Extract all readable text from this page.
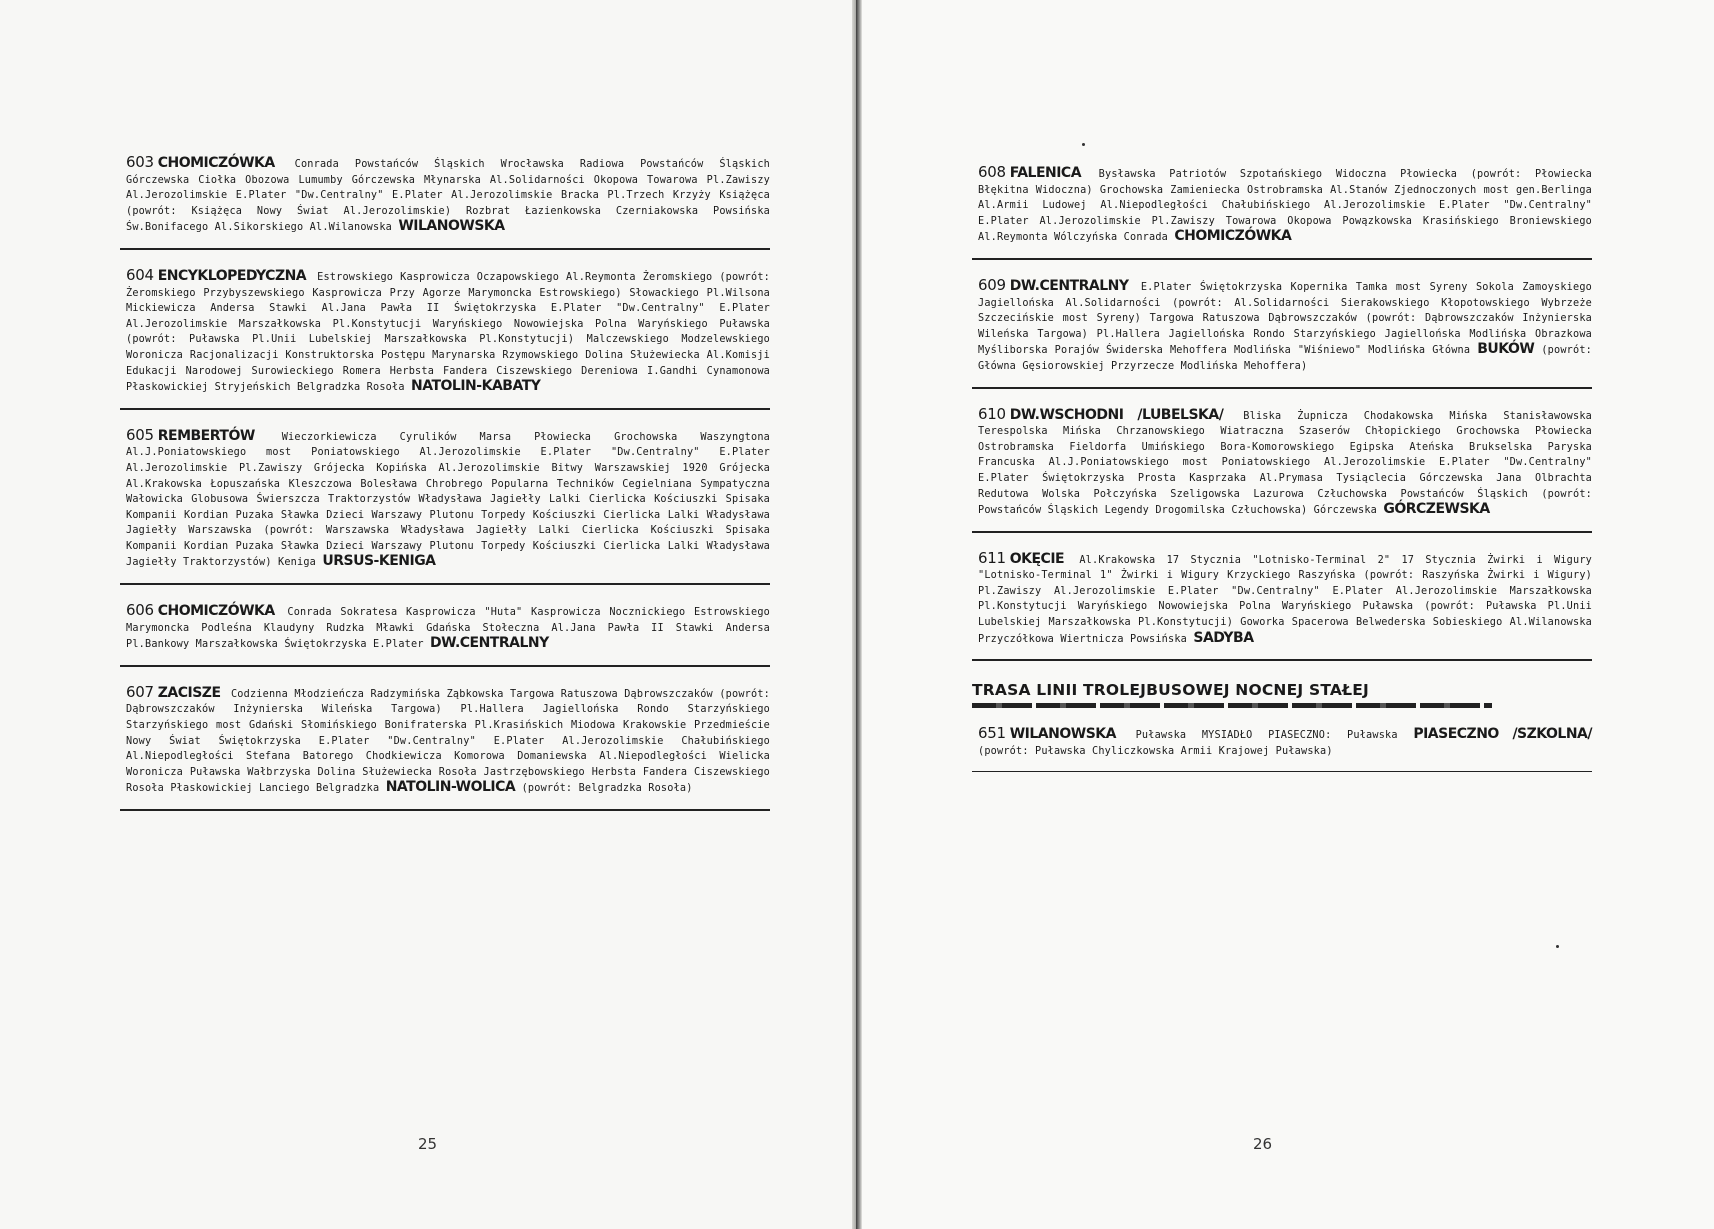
603 CHOMICZÓWKA Conrada Powstańców Śląskich Wrocławska Radiowa Powstańców Śląskich Górczewska Ciołka Obozowa Lumumby Górczewska Młynarska Al.Solidarności Okopowa Towarowa Pl.Zawiszy Al.Jerozolimskie E.Plater "Dw.Centralny" E.Plater Al.Jerozolimskie Bracka Pl.Trzech Krzyży Książęca (powrót: Książęca Nowy Świat Al.Jerozolimskie) Rozbrat Łazienkowska Czerniakowska Powsińska Św.Bonifacego Al.Sikorskiego Al.Wilanowska WILANOWSKA
604 ENCYKLOPEDYCZNA Estrowskiego Kasprowicza Oczapowskiego Al.Reymonta Żeromskiego (powrót: Żeromskiego Przybyszewskiego Kasprowicza Przy Agorze Marymoncka Estrowskiego) Słowackiego Pl.Wilsona Mickiewicza Andersa Stawki Al.Jana Pawła II Świętokrzyska E.Plater "Dw.Centralny" E.Plater Al.Jerozolimskie Marszałkowska Pl.Konstytucji Waryńskiego Nowowiejska Polna Waryńskiego Puławska (powrót: Puławska Pl.Unii Lubelskiej Marszałkowska Pl.Konstytucji) Malczewskiego Modzelewskiego Woronicza Racjonalizacji Konstruktorska Postępu Marynarska Rzymowskiego Dolina Służewiecka Al.Komisji Edukacji Narodowej Surowieckiego Romera Herbsta Fandera Ciszewskiego Dereniowa I.Gandhi Cynamonowa Płaskowickiej Stryjeńskich Belgradzka Rosoła NATOLIN-KABATY
605 REMBERTÓW	Wieczorkiewicza Cyrulików Marsa Płowiecka Grochowska Waszyngtona Al.J.Poniatowskiego most Poniatowskiego Al.Jerozolimskie E.Plater "Dw.Centralny" E.Plater Al.Jerozolimskie Pl.Zawiszy Grójecka Kopińska Al.Jerozolimskie Bitwy Warszawskiej 1920 Grójecka Al.Krakowska Łopuszańska Kleszczowa Bolesława Chrobrego Popularna Techników Cegielniana Sympatyczna Wałowicka Globusowa Świerszcza Traktorzystów Władysława Jagiełły Lalki Cierlicka Kościuszki Spisaka Kompanii Kordian Puzaka Sławka Dzieci Warszawy Plutonu Torpedy Kościuszki Cierlicka Lalki Władysława Jagiełły Warszawska (powrót: Warszawska Władysława Jagiełły Lalki Cierlicka Kościuszki Spisaka Kompanii Kordian Puzaka Sławka Dzieci Warszawy Plutonu Torpedy Kościuszki Cierlicka Lalki Władysława Jagiełły Traktorzystów) Keniga URSUS-KENIGA
606 CHOMICZÓWKA Conrada Sokratesa Kasprowicza "Huta" Kasprowicza Nocznickiego Estrowskiego Marymoncka Podleśna Klaudyny Rudzka Mławki Gdańska Stołeczna Al.Jana Pawła II Stawki Andersa Pl.Bankowy Marszałkowska Świętokrzyska E.Plater DW.CENTRALNY
607 ZACISZE Codzienna Młodzieńcza Radzymińska Ząbkowska Targowa Ratuszowa Dąbrowszczaków (powrót: Dąbrowszczaków Inżynierska Wileńska Targowa) Pl.Hallera Jagiellońska Rondo Starzyńskiego Starzyńskiego most Gdański Słomińskiego Bonifraterska Pl.Krasińskich Miodowa Krakowskie Przedmieście Nowy Świat Świętokrzyska E.Plater "Dw.Centralny" E.Plater Al.Jerozolimskie Chałubińskiego Al.Niepodległości Stefana Batorego Chodkiewicza Komorowa Domaniewska Al.Niepodległości Wielicka Woronicza Puławska Wałbrzyska Dolina Służewiecka Rosoła Jastrzębowskiego Herbsta Fandera Ciszewskiego Rosoła Płaskowickiej Lanciego Belgradzka NATOLIN-WOLICA (powrót: Belgradzka Rosoła)
25
608 FALENICA Bysławska Patriotów Szpotańskiego Widoczna Płowiecka (powrót: Płowiecka Błękitna Widoczna) Grochowska Zamieniecka Ostrobramska Al.Stanów Zjednoczonych most gen.Berlinga Al.Armii Ludowej Al.Niepodległości Chałubińskiego Al.Jerozolimskie E.Plater "Dw.Centralny" E.Plater Al.Jerozolimskie Pl.Zawiszy Towarowa Okopowa Powązkowska Krasińskiego Broniewskiego Al.Reymonta Wólczyńska Conrada CHOMICZÓWKA
609 DW.CENTRALNY E.Plater Świętokrzyska Kopernika Tamka most Syreny Sokola Zamoyskiego Jagiellońska Al.Solidarności (powrót: Al.Solidarności Sierakowskiego Kłopotowskiego Wybrzeże Szczecińskie most Syreny) Targowa Ratuszowa Dąbrowszczaków (powrót: Dąbrowszczaków Inżynierska Wileńska Targowa) Pl.Hallera Jagiellońska Rondo Starzyńskiego Jagiellońska Modlińska Obrazkowa Myśliborska Porajów Świderska Mehoffera Modlińska "Wiśniewo" Modlińska Główna BUKÓW (powrót: Główna Gęsiorowskiej Przyrzecze Modlińska Mehoffera)
610 DW.WSCHODNI /LUBELSKA/ Bliska Żupnicza Chodakowska Mińska Stanisławowska Terespolska Mińska Chrzanowskiego Wiatraczna Szaserów Chłopickiego Grochowska Płowiecka Ostrobramska Fieldorfa Umińskiego Bora-Komorowskiego Egipska Ateńska Brukselska Paryska Francuska Al.J.Poniatowskiego most Poniatowskiego Al.Jerozolimskie E.Plater "Dw.Centralny" E.Plater Świętokrzyska Prosta Kasprzaka Al.Prymasa Tysiąclecia Górczewska Jana Olbrachta Redutowa Wolska Połczyńska Szeligowska Lazurowa Człuchowska Powstańców Śląskich (powrót: Powstańców Śląskich Legendy Drogomilska Człuchowska) Górczewska GÓRCZEWSKA
611 OKĘCIE Al.Krakowska 17 Stycznia "Lotnisko-Terminal 2" 17 Stycznia Żwirki i Wigury "Lotnisko-Terminal 1" Żwirki i Wigury Krzyckiego Raszyńska (powrót: Raszyńska Żwirki i Wigury) Pl.Zawiszy Al.Jerozolimskie E.Plater "Dw.Centralny" E.Plater Al.Jerozolimskie Marszałkowska Pl.Konstytucji Waryńskiego Nowowiejska Polna Waryńskiego Puławska (powrót: Puławska Pl.Unii Lubelskiej Marszałkowska Pl.Konstytucji) Goworka Spacerowa Belwederska Sobieskiego Al.Wilanowska Przyczółkowa Wiertnicza Powsińska SADYBA
TRASA LINII TROLEJBUSOWEJ NOCNEJ STAŁEJ
651 WILANOWSKA Puławska MYSIADŁO PIASECZNO: Puławska PIASECZNO /SZKOLNA/ (powrót: Puławska Chyliczkowska Armii Krajowej Puławska)
26
